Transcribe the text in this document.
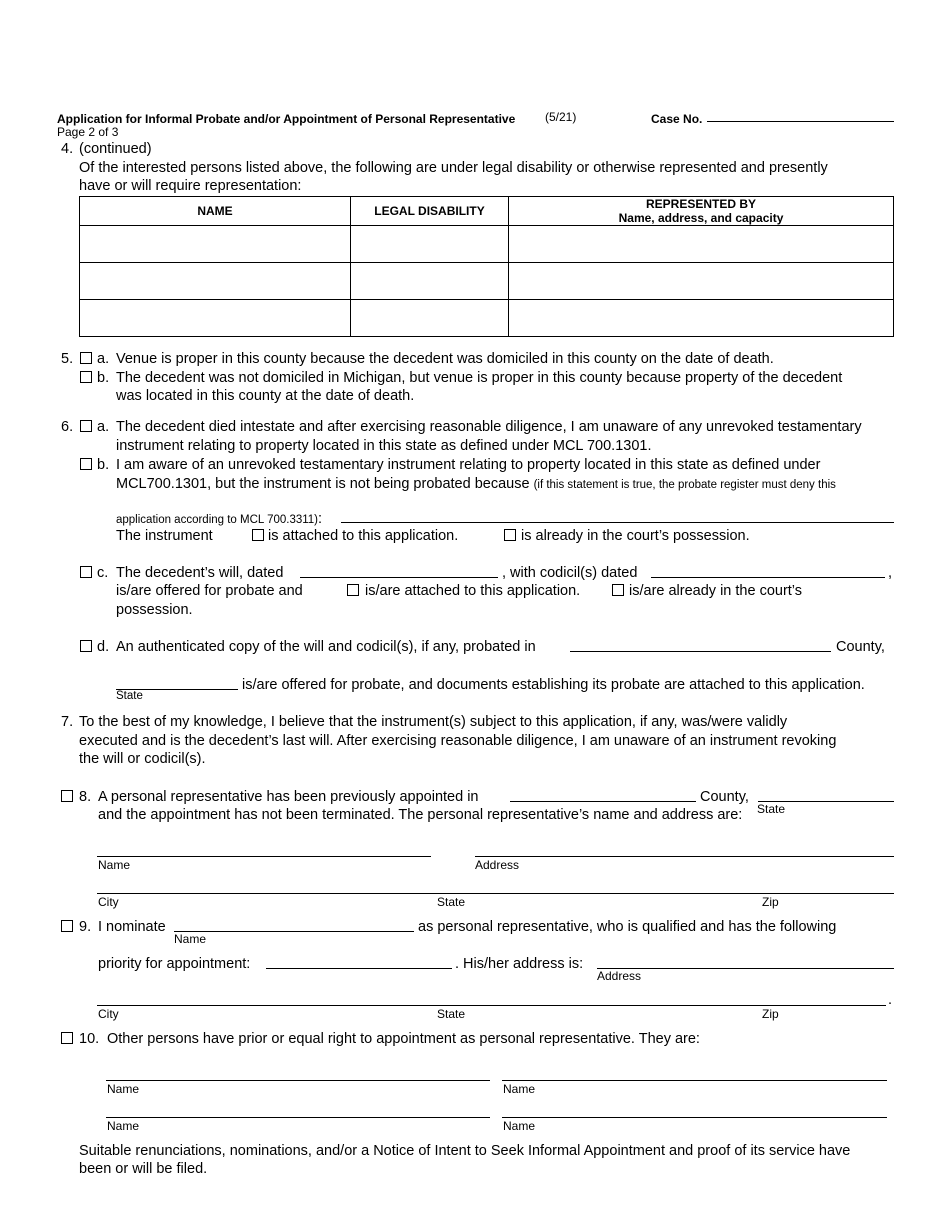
Application for Informal Probate and/or Appointment of Personal Representative (5/21)	Case No.
Page 2 of 3
4. (continued)
Of the interested persons listed above, the following are under legal disability or otherwise represented and presently
have or will require representation:
NAME	LEGAL DISABILITY	REPRESENTED BY
Name, address, and capacity

5. a. Venue is proper in this county because the decedent was domiciled in this county on the date of death.
b. The decedent was not domiciled in Michigan, but venue is proper in this county because property of the decedent
was located in this county at the date of death.
6. a. The decedent died intestate and after exercising reasonable diligence, I am unaware of any unrevoked testamentary
instrument relating to property located in this state as defined under MCL 700.1301.
b. I am aware of an unrevoked testamentary instrument relating to property located in this state as defined under
MCL700.1301, but the instrument is not being probated because (if this statement is true, the probate register must deny this
application according to MCL 700.3311):
The instrument	is attached to this application.	is already in the court’s possession.
c. The decedent’s will, dated	, with codicil(s) dated	,
is/are offered for probate and	is/are attached to this application.	is/are already in the court’s
possession.
d. An authenticated copy of the will and codicil(s), if any, probated in	County,
is/are offered for probate, and documents establishing its probate are attached to this application.
State
7. To the best of my knowledge, I believe that the instrument(s) subject to this application, if any, was/were validly
executed and is the decedent’s last will. After exercising reasonable diligence, I am unaware of an instrument revoking
the will or codicil(s).
8. A personal representative has been previously appointed in	County,
State
and the appointment has not been terminated. The personal representative’s name and address are:
Name	Address
City	State	Zip
9. I nominate	as personal representative, who is qualified and has the following
Name
priority for appointment:	. His/her address is:
Address
.
City	State	Zip
10. Other persons have prior or equal right to appointment as personal representative. They are:
Name	Name
Name	Name
Suitable renunciations, nominations, and/or a Notice of Intent to Seek Informal Appointment and proof of its service have
been or will be filed.
